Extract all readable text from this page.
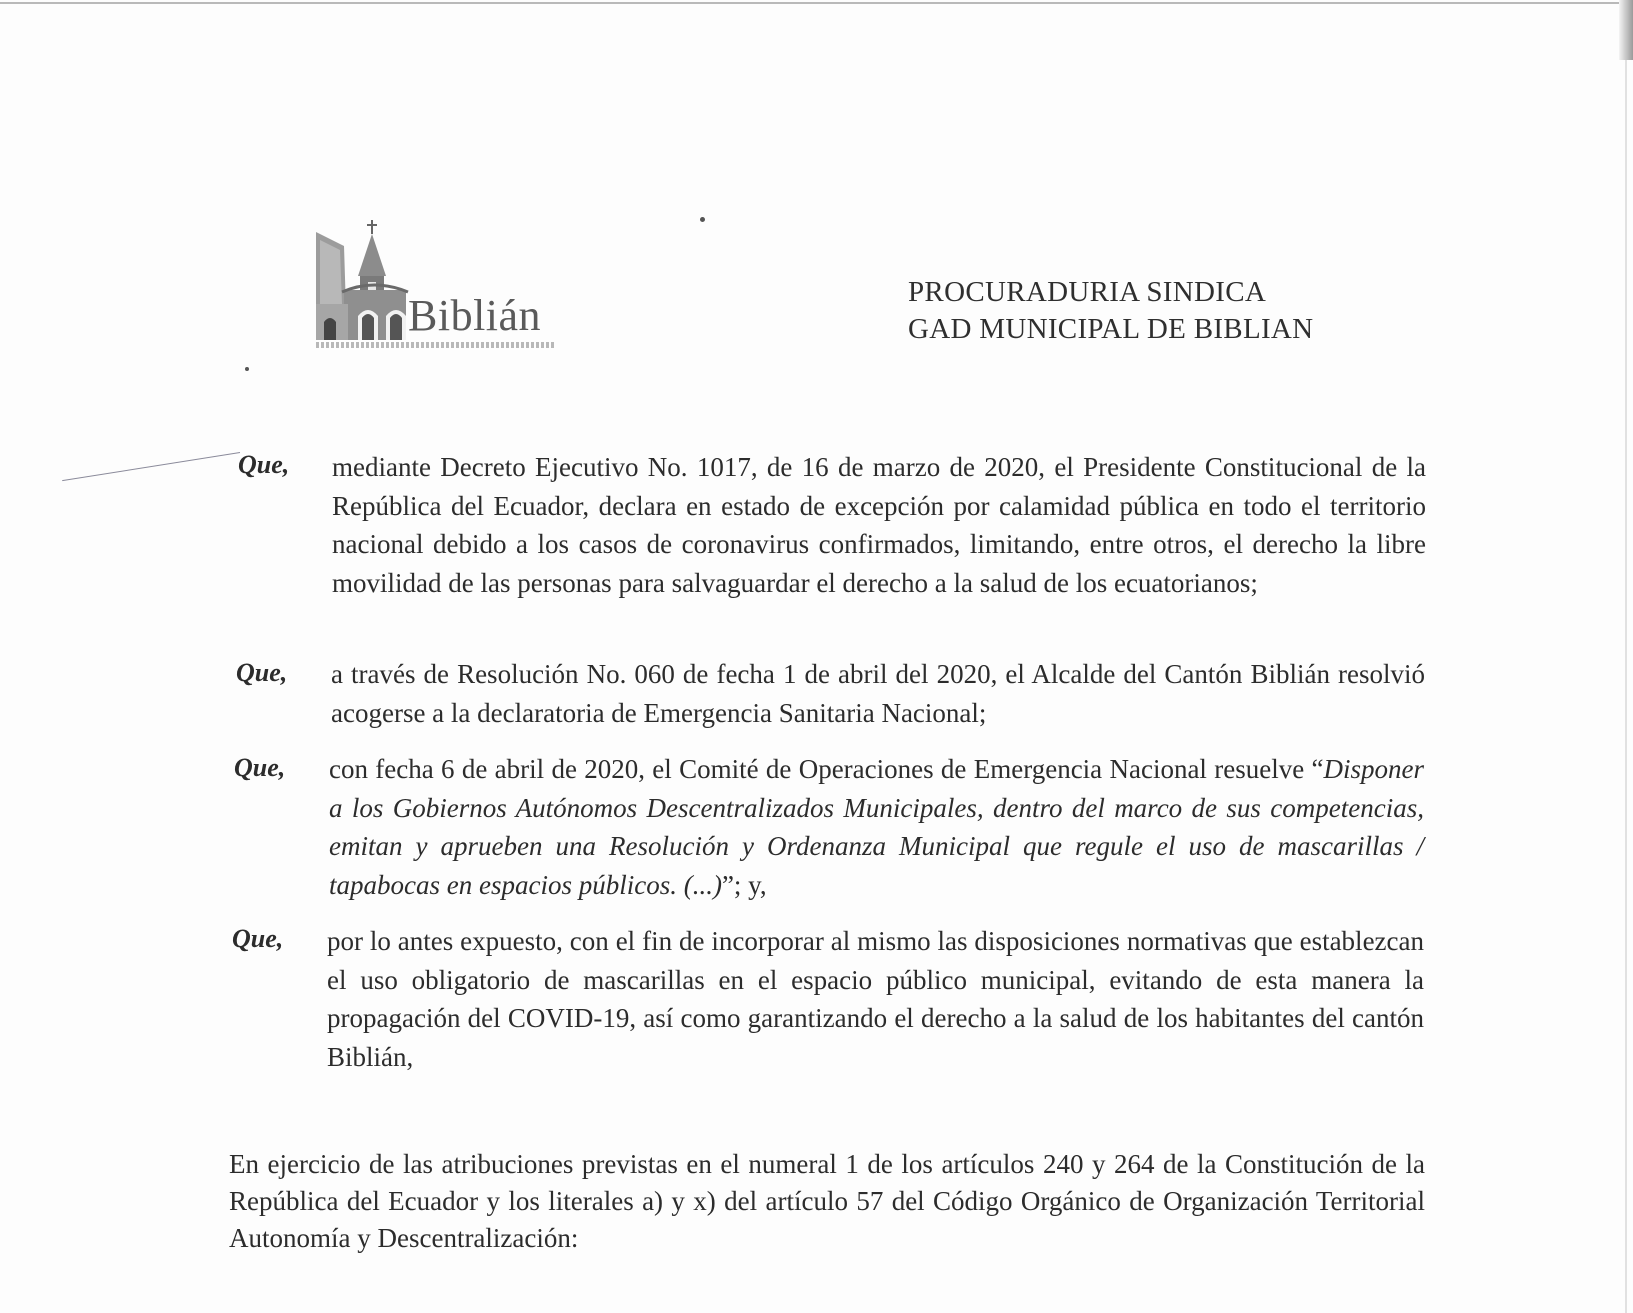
Biblián	PROCURADURIA SINDICA
GAD MUNICIPAL DE BIBLIAN
Que, mediante Decreto Ejecutivo No. 1017, de 16 de marzo de 2020, el Presidente Constitucional de la República del Ecuador, declara en estado de excepción por calamidad pública en todo el territorio nacional debido a los casos de coronavirus confirmados, limitando, entre otros, el derecho la libre movilidad de las personas para salvaguardar el derecho a la salud de los ecuatorianos;
Que, a través de Resolución No. 060 de fecha 1 de abril del 2020, el Alcalde del Cantón Biblián resolvió acogerse a la declaratoria de Emergencia Sanitaria Nacional;
Que, con fecha 6 de abril de 2020, el Comité de Operaciones de Emergencia Nacional resuelve “Disponer a los Gobiernos Autónomos Descentralizados Municipales, dentro del marco de sus competencias, emitan y aprueben una Resolución y Ordenanza Municipal que regule el uso de mascarillas / tapabocas en espacios públicos. (...)”; y,
Que, por lo antes expuesto, con el fin de incorporar al mismo las disposiciones normativas que establezcan el uso obligatorio de mascarillas en el espacio público municipal, evitando de esta manera la propagación del COVID-19, así como garantizando el derecho a la salud de los habitantes del cantón Biblián,
En ejercicio de las atribuciones previstas en el numeral 1 de los artículos 240 y 264 de la Constitución de la República del Ecuador y los literales a) y x) del artículo 57 del Código Orgánico de Organización Territorial Autonomía y Descentralización:
